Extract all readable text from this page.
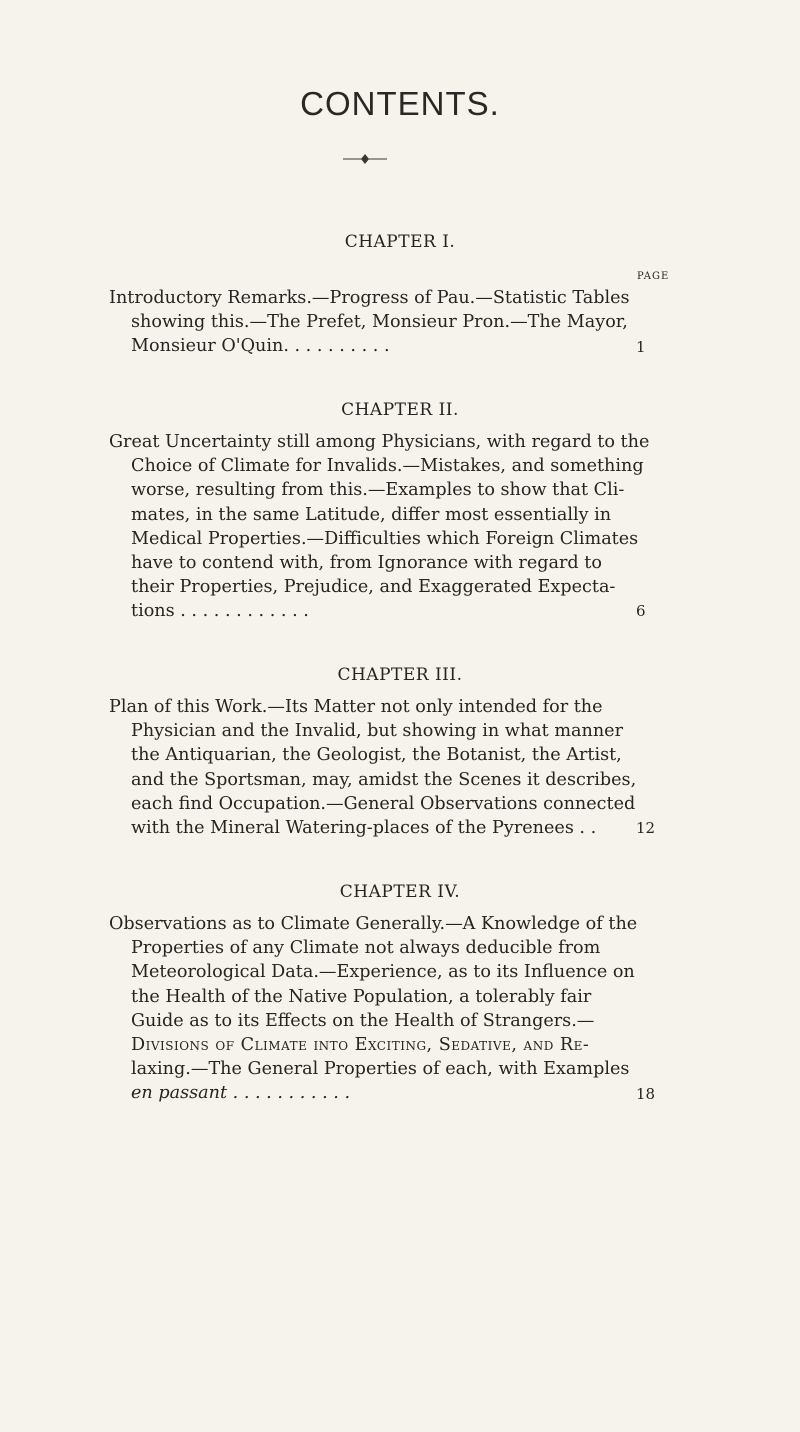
CONTENTS.
CHAPTER I.
PAGE
Introductory Remarks.—Progress of Pau.—Statistic Tables
showing this.—The Prefet, Monsieur Pron.—The Mayor,
Monsieur O'Quin. . . . . . . . . .	1
CHAPTER II.
Great Uncertainty still among Physicians, with regard to the
Choice of Climate for Invalids.—Mistakes, and something
worse, resulting from this.—Examples to show that Cli-
mates, in the same Latitude, differ most essentially in
Medical Properties.—Difficulties which Foreign Climates
have to contend with, from Ignorance with regard to
their Properties, Prejudice, and Exaggerated Expecta-
tions . . . . . . . . . . . .	6
CHAPTER III.
Plan of this Work.—Its Matter not only intended for the
Physician and the Invalid, but showing in what manner
the Antiquarian, the Geologist, the Botanist, the Artist,
and the Sportsman, may, amidst the Scenes it describes,
each find Occupation.—General Observations connected
with the Mineral Watering-places of the Pyrenees . .	12
CHAPTER IV.
Observations as to Climate Generally.—A Knowledge of the
Properties of any Climate not always deducible from
Meteorological Data.—Experience, as to its Influence on
the Health of the Native Population, a tolerably fair
Guide as to its Effects on the Health of Strangers.—
Divisions of Climate into Exciting, Sedative, and Re-
laxing.—The General Properties of each, with Examples
en passant . . . . . . . . . . .	18
